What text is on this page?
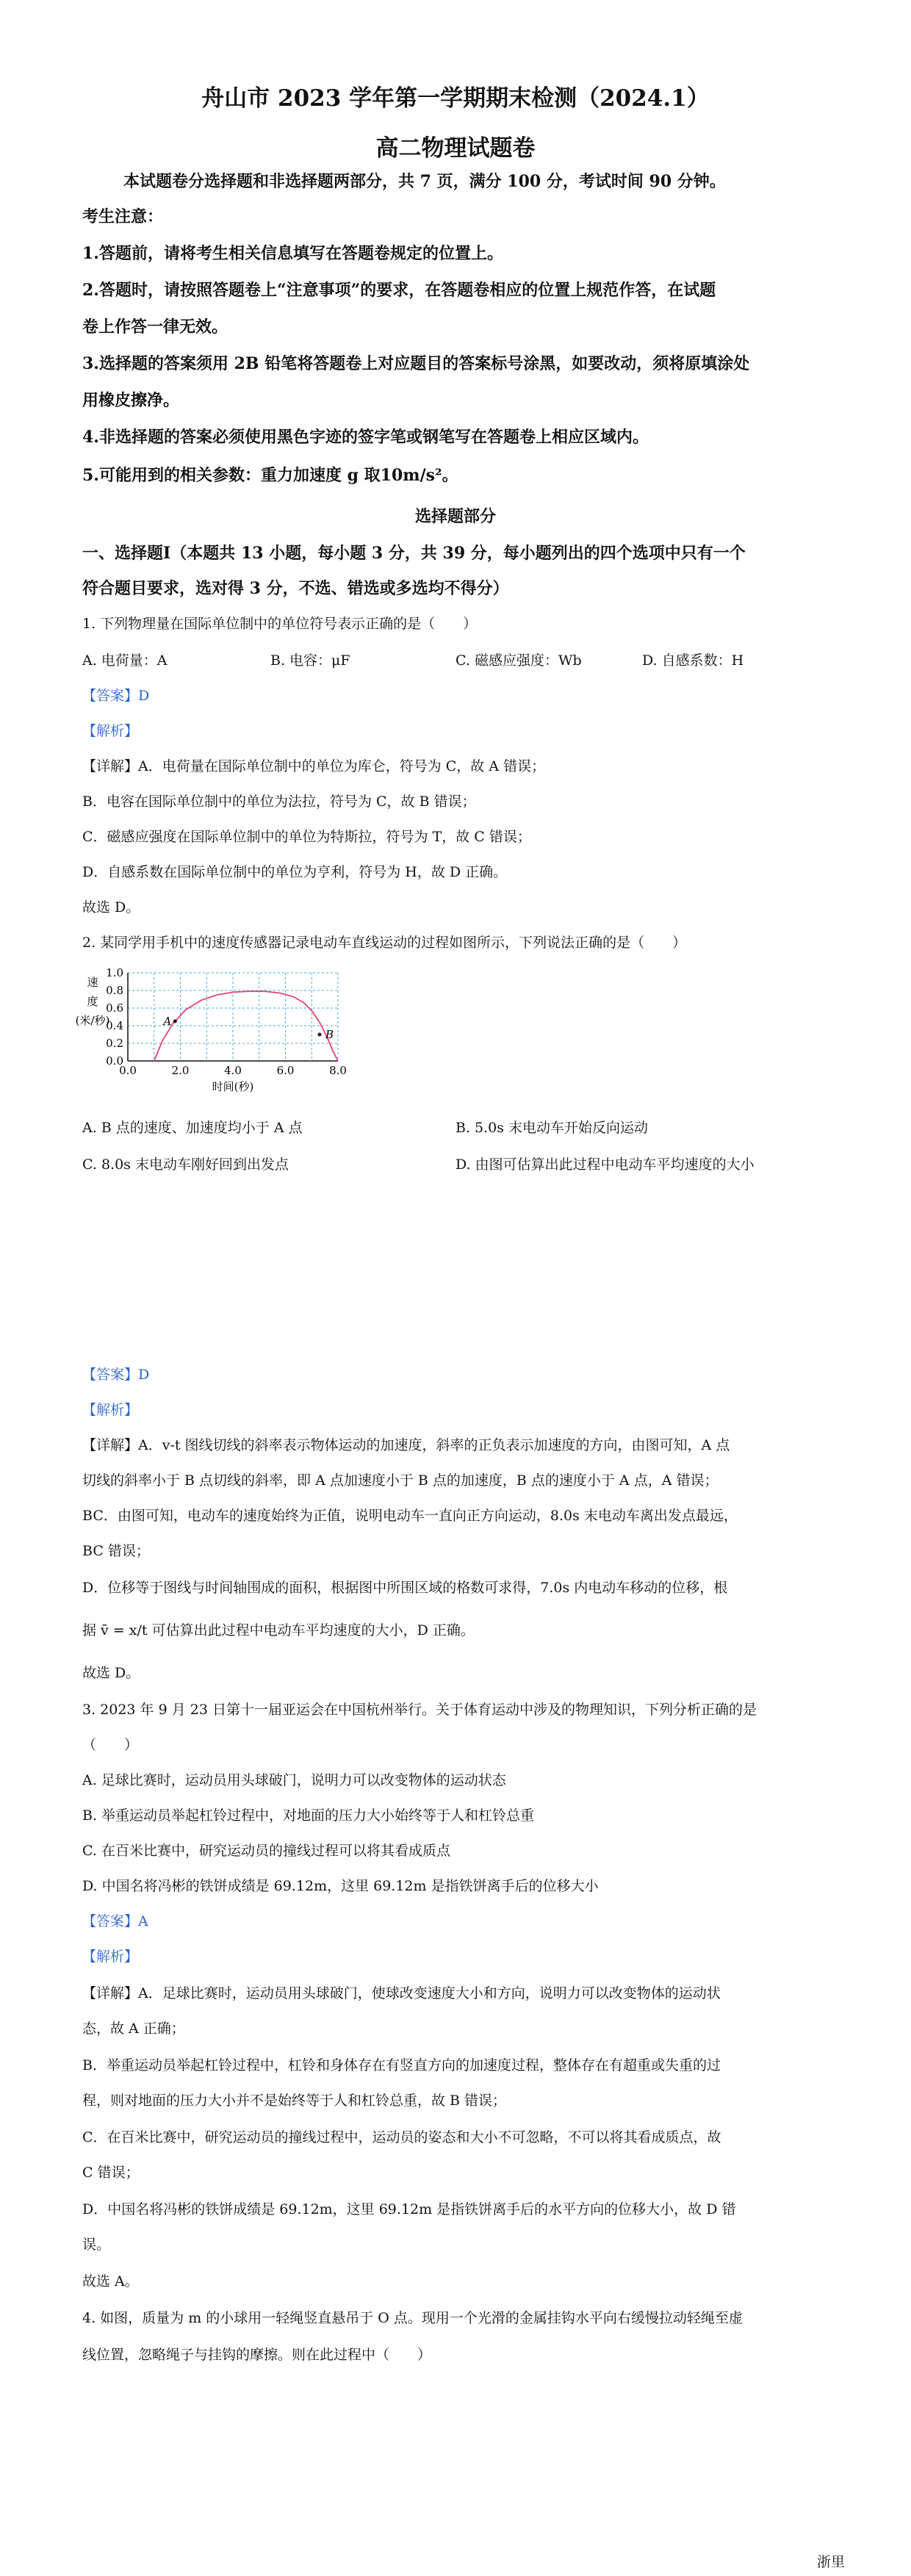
舟山市 2023 学年第一学期期末检测（2024.1）
高二物理试题卷
本试题卷分选择题和非选择题两部分，共 7 页，满分 100 分，考试时间 90 分钟。
考生注意：
1.答题前，请将考生相关信息填写在答题卷规定的位置上。
2.答题时，请按照答题卷上“注意事项”的要求，在答题卷相应的位置上规范作答，在试题
卷上作答一律无效。
3.选择题的答案须用 2B 铅笔将答题卷上对应题目的答案标号涂黑，如要改动，须将原填涂处
用橡皮擦净。
4.非选择题的答案必须使用黑色字迹的签字笔或钢笔写在答题卷上相应区域内。
5.可能用到的相关参数：重力加速度 g 取10m/s²。
选择题部分
一、选择题Ⅰ（本题共 13 小题，每小题 3 分，共 39 分，每小题列出的四个选项中只有一个
符合题目要求，选对得 3 分，不选、错选或多选均不得分）
1. 下列物理量在国际单位制中的单位符号表示正确的是（　　）
A. 电荷量：A	B. 电容：μF	C. 磁感应强度：Wb	D. 自感系数：H
【答案】D
【解析】
【详解】A．电荷量在国际单位制中的单位为库仑，符号为 C，故 A 错误；
B．电容在国际单位制中的单位为法拉，符号为 C，故 B 错误；
C．磁感应强度在国际单位制中的单位为特斯拉，符号为 T，故 C 错误；
D．自感系数在国际单位制中的单位为亨利，符号为 H，故 D 正确。
故选 D。
2. 某同学用手机中的速度传感器记录电动车直线运动的过程如图所示，下列说法正确的是（　　）
0.0	2.0	4.0	6.0	8.0
0.0
0.2
0.4
0.6
0.8
1.0
A
B
速度(米/秒)
时间(秒)
A. B 点的速度、加速度均小于 A 点	B. 5.0s 末电动车开始反向运动
C. 8.0s 末电动车刚好回到出发点	D. 由图可估算出此过程中电动车平均速度的大小
【答案】D
【解析】
【详解】A．v-t 图线切线的斜率表示物体运动的加速度，斜率的正负表示加速度的方向，由图可知，A 点
切线的斜率小于 B 点切线的斜率，即 A 点加速度小于 B 点的加速度，B 点的速度小于 A 点，A 错误；
BC．由图可知，电动车的速度始终为正值，说明电动车一直向正方向运动，8.0s 末电动车离出发点最远，
BC 错误；
D．位移等于图线与时间轴围成的面积，根据图中所围区域的格数可求得，7.0s 内电动车移动的位移，根
据 v̄ = x/t 可估算出此过程中电动车平均速度的大小，D 正确。
故选 D。
3. 2023 年 9 月 23 日第十一届亚运会在中国杭州举行。关于体育运动中涉及的物理知识，下列分析正确的是
（　　）
A. 足球比赛时，运动员用头球破门，说明力可以改变物体的运动状态
B. 举重运动员举起杠铃过程中，对地面的压力大小始终等于人和杠铃总重
C. 在百米比赛中，研究运动员的撞线过程可以将其看成质点
D. 中国名将冯彬的铁饼成绩是 69.12m，这里 69.12m 是指铁饼离手后的位移大小
【答案】A
【解析】
【详解】A．足球比赛时，运动员用头球破门，使球改变速度大小和方向，说明力可以改变物体的运动状
态，故 A 正确；
B．举重运动员举起杠铃过程中，杠铃和身体存在有竖直方向的加速度过程，整体存在有超重或失重的过
程，则对地面的压力大小并不是始终等于人和杠铃总重，故 B 错误；
C．在百米比赛中，研究运动员的撞线过程中，运动员的姿态和大小不可忽略，不可以将其看成质点，故
C 错误；
D．中国名将冯彬的铁饼成绩是 69.12m，这里 69.12m 是指铁饼离手后的水平方向的位移大小，故 D 错
误。
故选 A。
4. 如图，质量为 m 的小球用一轻绳竖直悬吊于 O 点。现用一个光滑的金属挂钩水平向右缓慢拉动轻绳至虚
线位置，忽略绳子与挂钩的摩擦。则在此过程中（　　）
浙里
